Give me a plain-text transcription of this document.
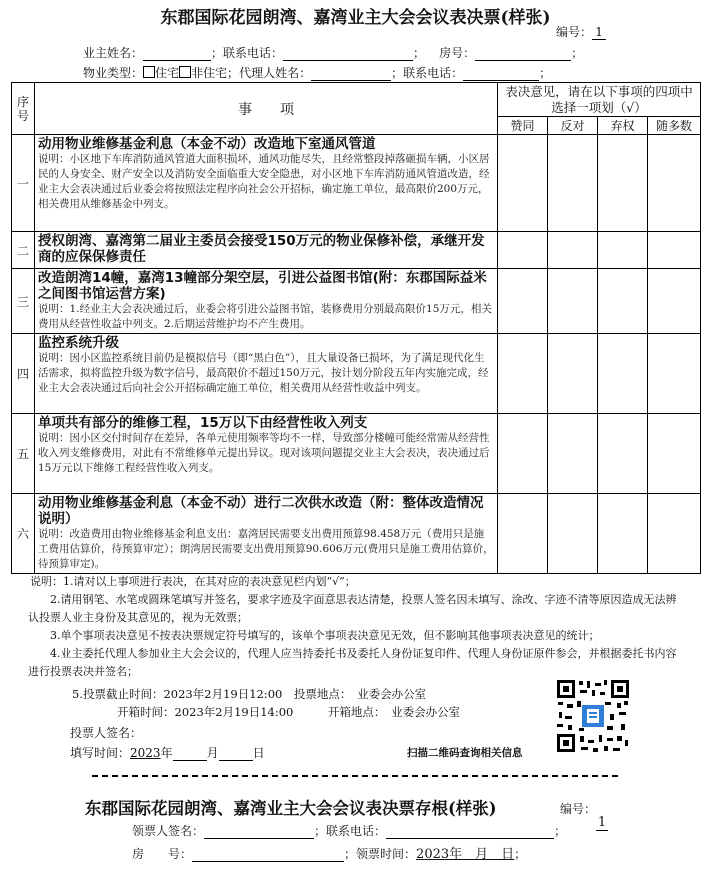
东郡国际花园朗湾、嘉湾业主大会会议表决票(样张)
编号： 1
业主姓名：	；联系电话：	； 房号：	；
物业类型： 住宅 非住宅；代理人姓名：	；联系电话：	；
序号	事　　项	表决意见，请在以下事项的四项中选择一项划（√）			
		赞同	反对	弃权	随多数
一	动用物业维修基金利息（本金不动）改造地下室通风管道
说明：小区地下车库消防通风管道大面积损坏，通风功能尽失，且经常整段掉落砸损车辆，小区居民的人身安全、财产安全以及消防安全面临重大安全隐患，对小区地下车库消防通风管道改造，经业主大会表决通过后业委会将按照法定程序向社会公开招标，确定施工单位，最高限价200万元，相关费用从维修基金中列支。				

二	授权朗湾、嘉湾第二届业主委员会接受150万元的物业保修补偿，承继开发商的应保保修责任				

三	改造朗湾14幢，嘉湾13幢部分架空层，引进公益图书馆(附：东郡国际益米之间图书馆运营方案)
说明：1.经业主大会表决通过后，业委会将引进公益图书馆，装修费用分别最高限价15万元，相关费用从经营性收益中列支。2.后期运营维护均不产生费用。				

四	监控系统升级
说明：因小区监控系统目前仍是模拟信号（即“黑白色”），且大量设备已损坏，为了满足现代化生活需求，拟将监控升级为数字信号，最高限价不超过150万元，按计划分阶段五年内实施完成，经业主大会表决通过后向社会公开招标确定施工单位，相关费用从经营性收益中列支。				

五	单项共有部分的维修工程，15万以下由经营性收入列支
说明：因小区交付时间存在差异，各单元使用频率等均不一样，导致部分楼幢可能经常需从经营性收入列支维修费用，对此有不常维修单元提出异议。现对该项问题提交业主大会表决，表决通过后15万元以下维修工程经营性收入列支。				

六	动用物业维修基金利息（本金不动）进行二次供水改造（附：整体改造情况说明）
说明：改造费用由物业维修基金利息支出：嘉湾居民需要支出费用预算98.458万元（费用只是施工费用估算价，待预算审定）；朗湾居民需要支出费用预算90.606万元(费用只是施工费用估算价，待预算审定)。				

说明：1.请对以上事项进行表决，在其对应的表决意见栏内划“√”；

2.请用钢笔、水笔或圆珠笔填写并签名，要求字迹及字面意思表达清楚，投票人签名因未填写、涂改、字迹不清等原因造成无法辨认投票人业主身份及其意见的，视为无效票；

3.单个事项表决意见不按表决票规定符号填写的，该单个事项表决意见无效，但不影响其他事项表决意见的统计；

4.业主委托代理人参加业主大会会议的，代理人应当持委托书及委托人身份证复印件、代理人身份证原件参会，并根据委托书内容进行投票表决并签名；

5.投票截止时间：2023年2月19日12:00　 投票地点：　 业委会办公室
开箱时间：2023年2月19日14:00　　　	开箱地点：　 业委会办公室
投票人签名：
填写时间：2023年	月	日	扫描二维码查询相关信息
东郡国际花园朗湾、嘉湾业主大会会议表决票存根(样张)	编号：
1
领票人签名：	；联系电话：	；
房　　号：	；领票时间：2023年　月　日；
